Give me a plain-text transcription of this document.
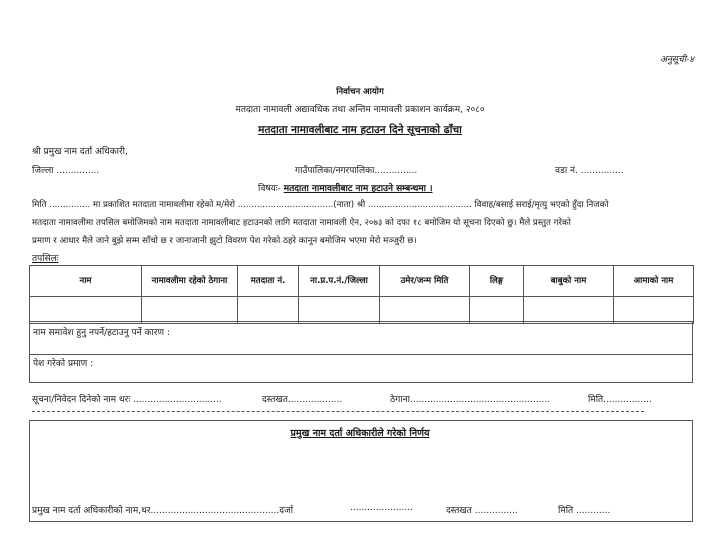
अनुसूची-४
निर्वाचन आयोग
मतदाता नामावली अद्यावधिक तथा अन्तिम नामावली प्रकाशन कार्यक्रम, २०८०
मतदाता नामावलीबाट नाम हटाउन दिने सूचनाको ढाँचा
श्री प्रमुख नाम दर्ता अधिकारी,
जिल्ला ...............	गाउँपालिका/नगरपालिका...............	वडा नं. ...............
विषयः- मतदाता नामावलीबाट नाम हटाउने सम्बन्धमा ।
मिति ............... मा प्रकाशित मतदाता नामावलीमा रहेको म/मेरो ...................................(नाता) श्री ...................................... विवाह/बसाई सराई/मृत्यु भएको हुँदा निजको
मतदाता नामावलीमा तपसिल बमोजिमको नाम मतदाता नामावलीबाट हटाउनको लागि मतदाता नामावली ऐन, २०७३ को दफा १८ बमोजिम यो सूचना दिएको छु। मैले प्रस्तुत गरेको
प्रमाण र आधार मैले जाने बुझे सम्म साँचो छ र जानाजानी झुटो विवरण पेश गरेको ठहरे कानून बमोजिम भएमा मेरो मञ्जुरी छ।
तपसिलः
नाम	नामावलीमा रहेको ठेगाना	मतदाता नं.	ना.प्र.प.नं./जिल्ला	उमेर/जन्म मिति	लिङ्ग	बाबुको नाम	आमाको नाम

नाम समावेश हुनु नपर्ने/हटाउनु पर्ने कारण :
पेश गरेको प्रमाण :
सूचना/निवेदन दिनेको नाम थरः ...............................	दस्तखत...................	ठेगाना.................................................	मिति.................
प्रमुख नाम दर्ता अधिकारीले गरेको निर्णय
प्रमुख नाम दर्ता अधिकारीको नाम,थर.............................................दर्जा	......................	दस्तखत ...............	मिति ............
